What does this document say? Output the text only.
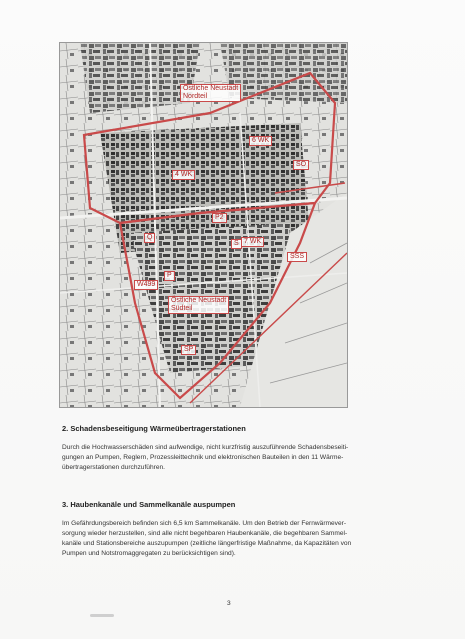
Östliche Neustadt
Nordteil
6 WK
SO
4 WK
P2
Q
S 7 WK
SSS
P
W499
Östliche Neustadt
Südteil
SP
2. Schadensbeseitigung Wärmeübertragerstationen
Durch die Hochwasserschäden sind aufwendige, nicht kurzfristig auszuführende Schadensbeseiti-
gungen an Pumpen, Reglern, Prozessleittechnik und elektronischen Bauteilen in den 11 Wärme-
übertragerstationen durchzuführen.
3. Haubenkanäle und Sammelkanäle auspumpen
Im Gefährdungsbereich befinden sich 6,5 km Sammelkanäle. Um den Betrieb der Fernwärmever-
sorgung wieder herzustellen, sind alle nicht begehbaren Haubenkanäle, die begehbaren Sammel-
kanäle und Stationsbereiche auszupumpen (zeitliche längerfristige Maßnahme, da Kapazitäten von
Pumpen und Notstromaggregaten zu berücksichtigen sind).
3
